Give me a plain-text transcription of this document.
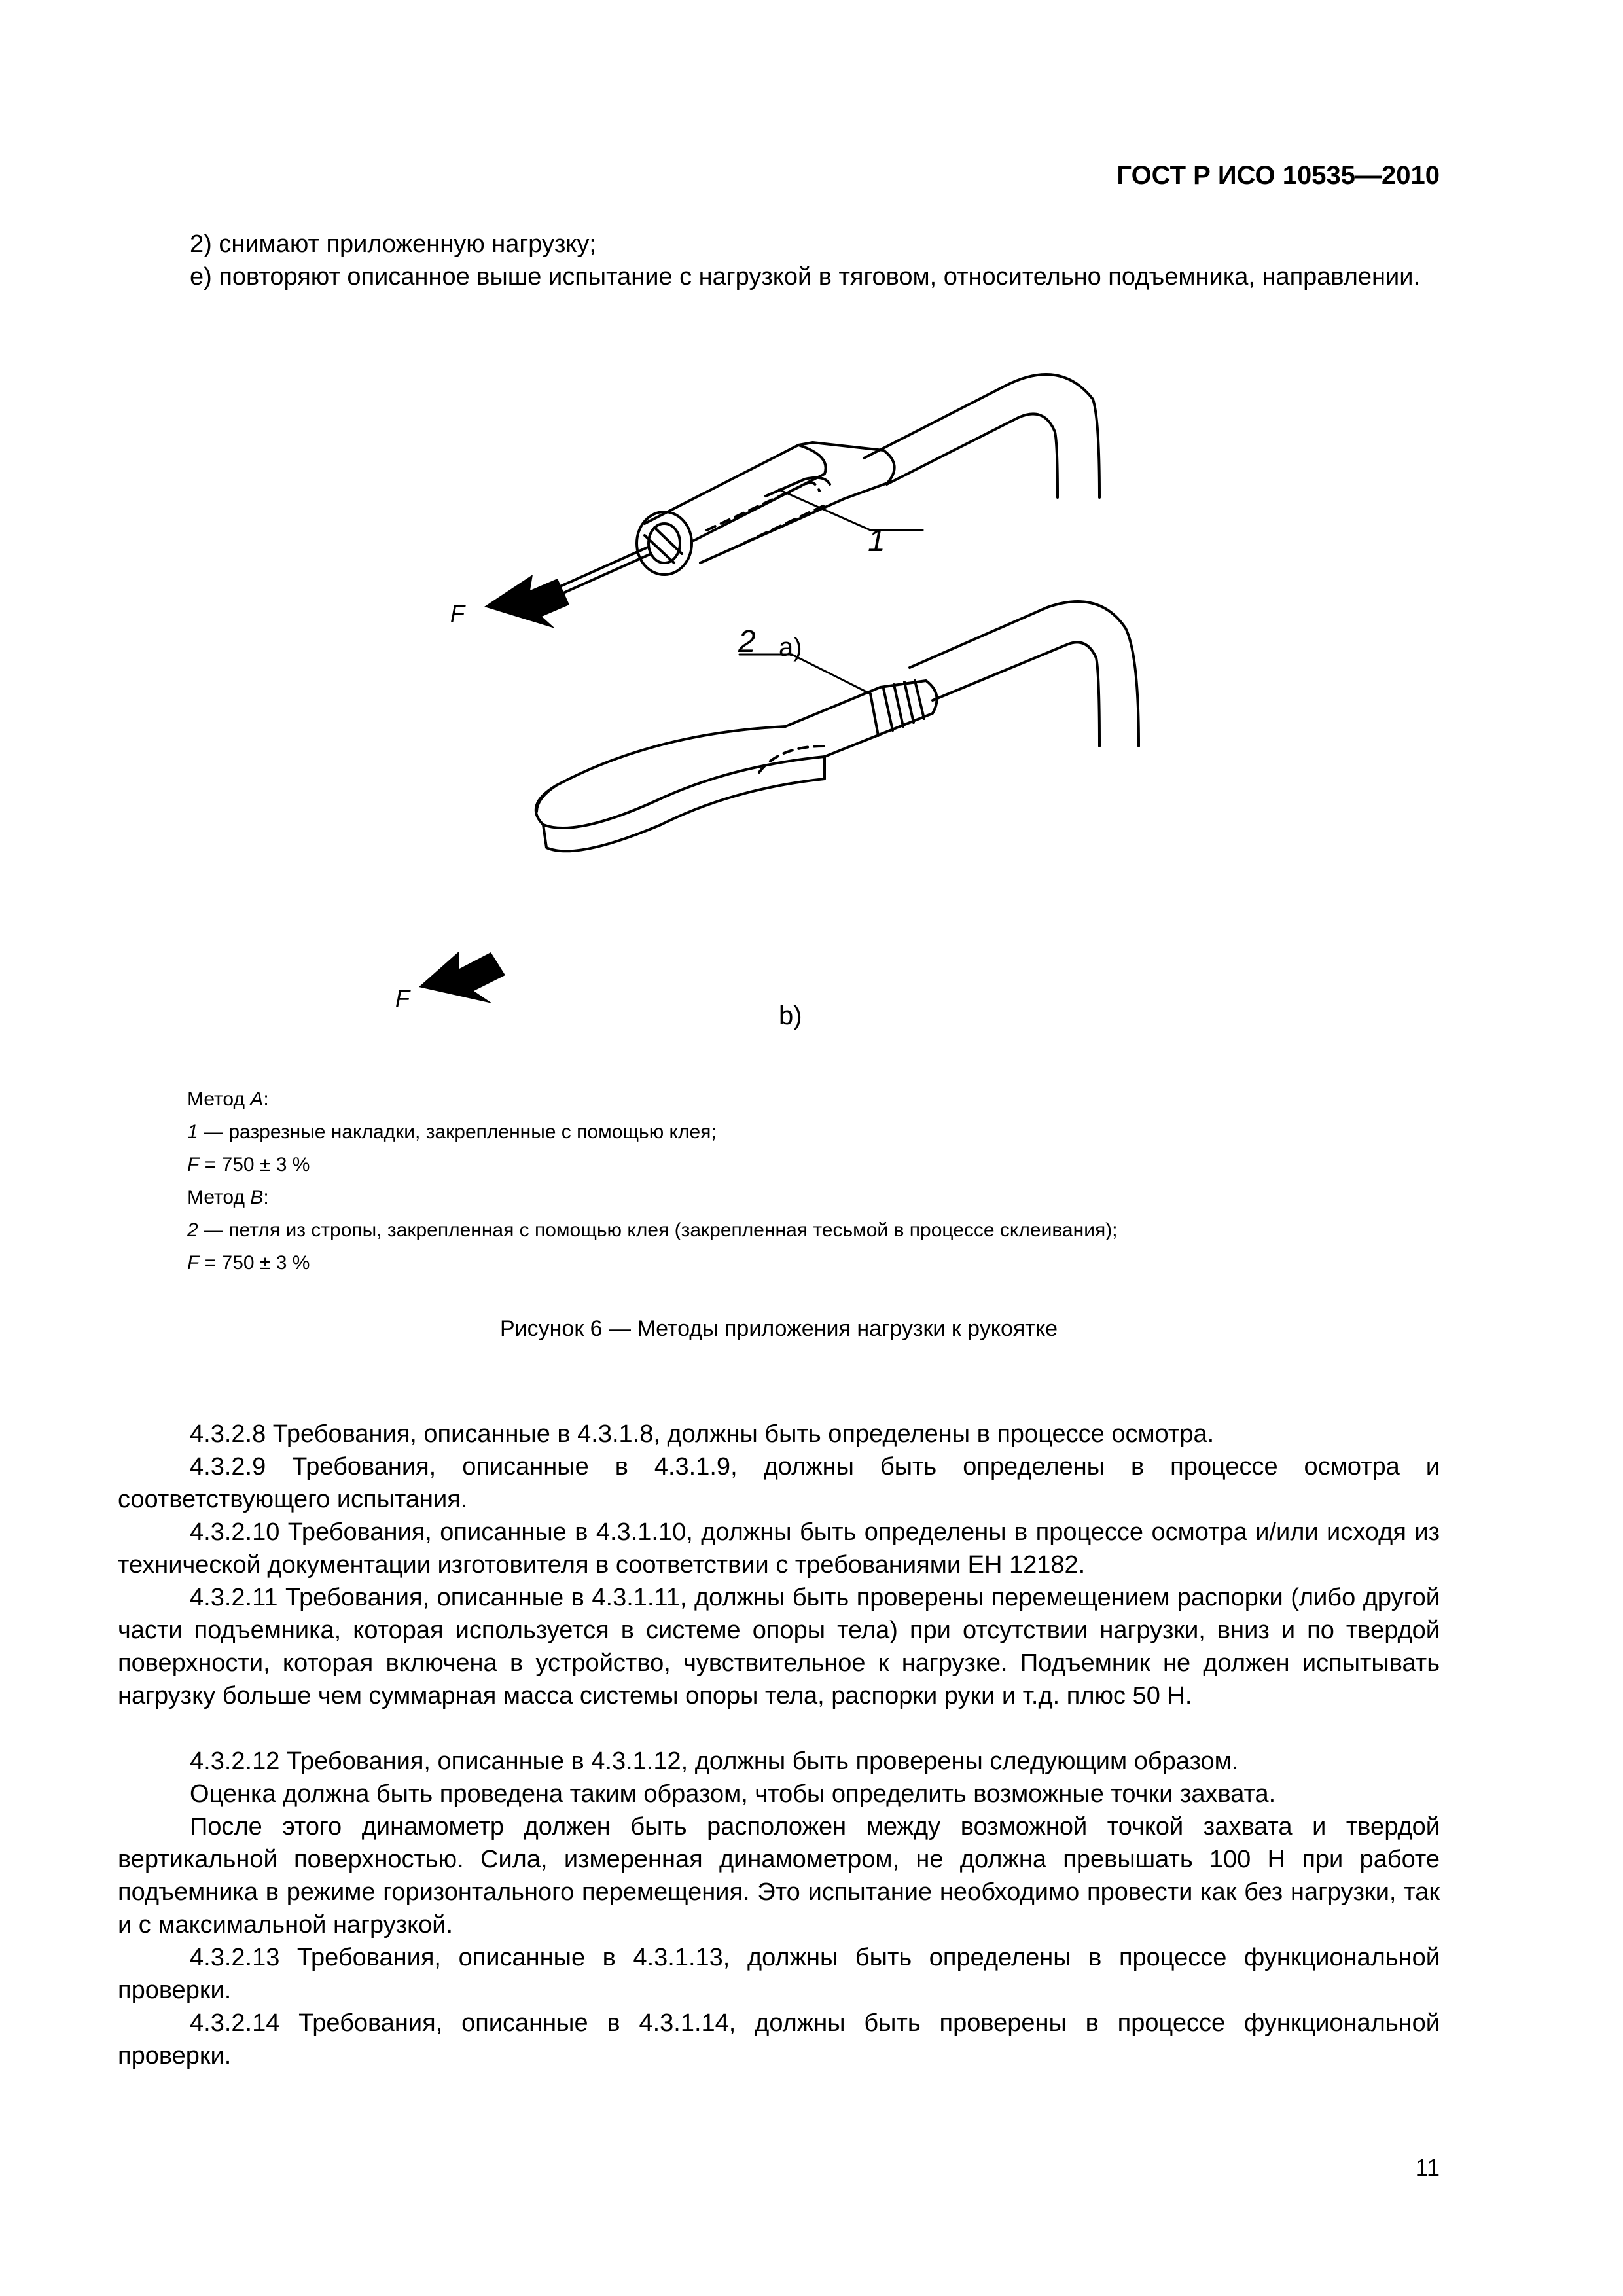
ГОСТ Р ИСО 10535—2010
2) снимают приложенную нагрузку;
е) повторяют описанное выше испытание с нагрузкой в тяговом, относительно подъемника, направлении.
1
F
a)
2
F
b)
Метод A:
1 — разрезные накладки, закрепленные с помощью клея;
F = 750 ± 3 %
Метод B:
2 — петля из стропы, закрепленная с помощью клея (закрепленная тесьмой в процессе склеивания);
F = 750 ± 3 %
Рисунок 6 — Методы приложения нагрузки к рукоятке
4.3.2.8 Требования, описанные в 4.3.1.8, должны быть определены в процессе осмотра.
4.3.2.9 Требования, описанные в 4.3.1.9, должны быть определены в процессе осмотра и соответствующего испытания.
4.3.2.10 Требования, описанные в 4.3.1.10, должны быть определены в процессе осмотра и/или исходя из технической документации изготовителя в соответствии с требованиями ЕН 12182.
4.3.2.11 Требования, описанные в 4.3.1.11, должны быть проверены перемещением распорки (либо другой части подъемника, которая используется в системе опоры тела) при отсутствии нагрузки, вниз и по твердой поверхности, которая включена в устройство, чувствительное к нагрузке. Подъемник не должен испытывать нагрузку больше чем суммарная масса системы опоры тела, распорки руки и т.д. плюс 50 Н.
4.3.2.12 Требования, описанные в 4.3.1.12, должны быть проверены следующим образом.
Оценка должна быть проведена таким образом, чтобы определить возможные точки захвата.
После этого динамометр должен быть расположен между возможной точкой захвата и твердой вертикальной поверхностью. Сила, измеренная динамометром, не должна превышать 100 Н при работе подъемника в режиме горизонтального перемещения. Это испытание необходимо провести как без нагрузки, так и с максимальной нагрузкой.
4.3.2.13 Требования, описанные в 4.3.1.13, должны быть определены в процессе функциональной проверки.
4.3.2.14 Требования, описанные в 4.3.1.14, должны быть проверены в процессе функциональной проверки.
11
